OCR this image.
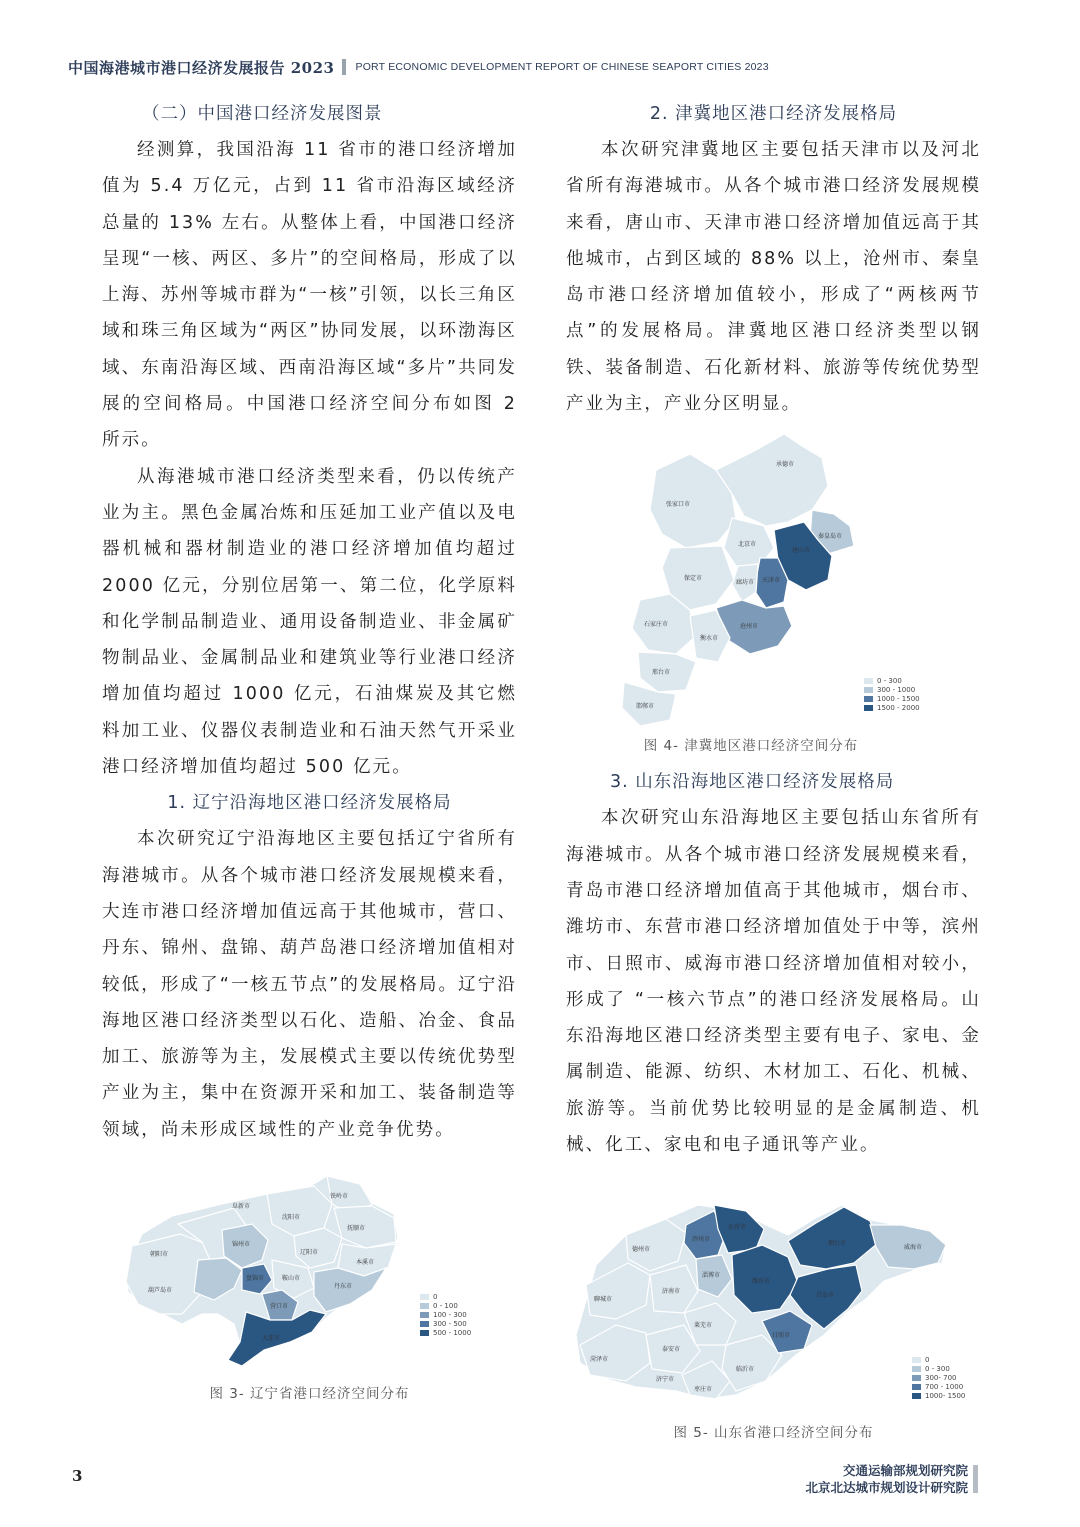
中国海港城市港口经济发展报告 2023 PORT ECONOMIC DEVELOPMENT REPORT OF CHINESE SEAPORT CITIES 2023
（二）中国港口经济发展图景

经测算，我国沿海 11 省市的港口经济增加值为 5.4 万亿元，占到 11 省市沿海区域经济总量的 13% 左右。从整体上看，中国港口经济呈现“一核、两区、多片”的空间格局，形成了以上海、苏州等城市群为“一核”引领，以长三角区域和珠三角区域为“两区”协同发展，以环渤海区域、东南沿海区域、西南沿海区域“多片”共同发展的空间格局。中国港口经济空间分布如图 2 所示。

从海港城市港口经济类型来看，仍以传统产业为主。黑色金属冶炼和压延加工业产值以及电器机械和器材制造业的港口经济增加值均超过 2000 亿元，分别位居第一、第二位，化学原料和化学制品制造业、通用设备制造业、非金属矿物制品业、金属制品业和建筑业等行业港口经济增加值均超过 1000 亿元，石油煤炭及其它燃料加工业、仪器仪表制造业和石油天然气开采业港口经济增加值均超过 500 亿元。

1. 辽宁沿海地区港口经济发展格局

本次研究辽宁沿海地区主要包括辽宁省所有海港城市。从各个城市港口经济发展规模来看，大连市港口经济增加值远高于其他城市，营口、丹东、锦州、盘锦、葫芦岛港口经济增加值相对较低，形成了“一核五节点”的发展格局。辽宁沿海地区港口经济类型以石化、造船、冶金、食品加工、旅游等为主，发展模式主要以传统优势型产业为主，集中在资源开采和加工、装备制造等领域，尚未形成区域性的产业竞争优势。

铁岭市
阜新市
沈阳市
抚顺市
朝阳市
锦州市
辽阳市
本溪市
葫芦岛市
盘锦市	鞍山市
营口市
丹东市
大连市
0
0 - 100
100 - 300
300 - 500
500 - 1000
图 3- 辽宁省港口经济空间分布
2. 津冀地区港口经济发展格局

本次研究津冀地区主要包括天津市以及河北省所有海港城市。从各个城市港口经济发展规模来看，唐山市、天津市港口经济增加值远高于其他城市，占到区域的 88% 以上，沧州市、秦皇岛市港口经济增加值较小，形成了“两核两节点”的发展格局。津冀地区港口经济类型以钢铁、装备制造、石化新材料、旅游等传统优势型产业为主，产业分区明显。

承德市
张家口市
北京市
秦皇岛市
唐山市
天津市
廊坊市
保定市
沧州市
石家庄市
衡水市
邢台市
邯郸市
0 - 300
300 - 1000
1000 - 1500
1500 - 2000
图 4- 津冀地区港口经济空间分布
3. 山东沿海地区港口经济发展格局

本次研究山东沿海地区主要包括山东省所有海港城市。从各个城市港口经济发展规模来看，青岛市港口经济增加值高于其他城市，烟台市、潍坊市、东营市港口经济增加值处于中等，滨州市、日照市、威海市港口经济增加值相对较小，形成了 “一核六节点”的港口经济发展格局。山东沿海地区港口经济类型主要有电子、家电、金属制造、能源、纺织、木材加工、石化、机械、旅游等。当前优势比较明显的是金属制造、机械、化工、家电和电子通讯等产业。

德州市
滨州市
东营市
烟台市
威海市
聊城市
济南市
淄博市
潍坊市
青岛市
泰安市
莱芜市
日照市
菏泽市
济宁市
临沂市
枣庄市
0
0 - 300
300- 700
700 - 1000
1000- 1500
图 5- 山东省港口经济空间分布
3	交通运输部规划研究院
北京北达城市规划设计研究院
